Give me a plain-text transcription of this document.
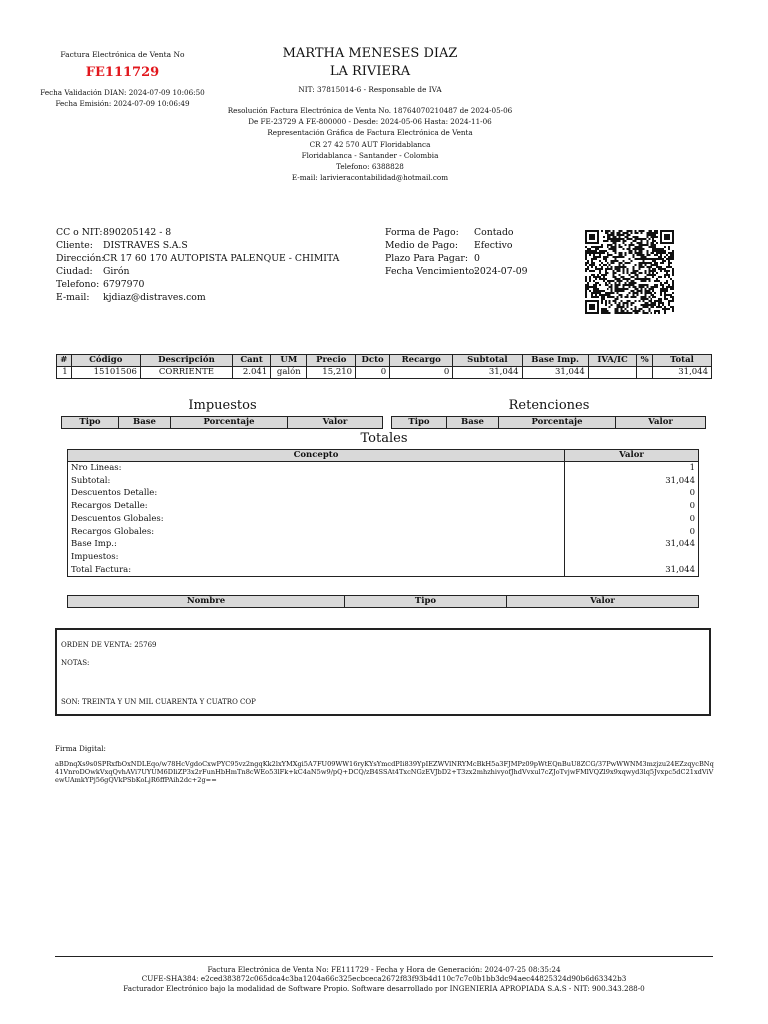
Factura Electrónica de Venta No
FE111729
Fecha Validación DIAN: 2024-07-09 10:06:50
Fecha Emisión: 2024-07-09 10:06:49
MARTHA MENESES DIAZ
LA RIVIERA
NIT: 37815014-6 - Responsable de IVA
Resolución Factura Electrónica de Venta No. 18764070210487 de 2024-05-06
De FE-23729 A FE-800000 - Desde: 2024-05-06 Hasta: 2024-11-06
Representación Gráfica de Factura Electrónica de Venta
CR 27 42 570 AUT Floridablanca
Floridablanca - Santander - Colombia
Telefono: 6388828
E-mail: larivieracontabilidad@hotmail.com
CC o NIT:890205142 - 8
Cliente: DISTRAVES S.A.S
Dirección:CR 17 60 170 AUTOPISTA PALENQUE - CHIMITA
Ciudad: Girón
Telefono: 6797970
E-mail: kjdiaz@distraves.com
Forma de Pago: Contado
Medio de Pago: Efectivo
Plazo Para Pagar: 0
Fecha Vencimiento:2024-07-09
#	Código	Descripción	Cant	UM	Precio	Dcto	Recargo	Subtotal	Base Imp.	IVA/IC	%	Total
1	15101506	CORRIENTE	2.041	galón	15,210	0	0	31,044	31,044			31,044
Impuestos	Retenciones
Tipo	Base	Porcentaje	Valor	Tipo	Base	Porcentaje	Valor
Totales
Concepto	Valor
Nro Lineas:	1
Subtotal:	31,044
Descuentos Detalle:	0
Recargos Detalle:	0
Descuentos Globales:	0
Recargos Globales:	0
Base Imp.:	31,044
Impuestos:	
Total Factura:	31,044
Nombre	Tipo	Valor
ORDEN DE VENTA: 25769
NOTAS:
SON: TREINTA Y UN MIL CUARENTA Y CUATRO COP
Firma Digital:
aBDnqXs9s0SPRxfbOxNDLEqo/w78HcVgdoCxwPYC95vz2ngqKk2lxYMXgi5A7FU09WW16ryKYsYmcdPIi839YpIEZWVlNRYMcBkH5a3FJMPz09pWtEQnBuU8ZCG/37PwWWNM3mzjzu24EZzqycBNq41VnroDOwkVxqQvhAVi7UYUM6DIiZP3x2rFunHbHmTn8cWEo53lFk+kC4aN5w9/pQ+DCQ/zB4SSAt4TxcNGzEVJbD2+T3zx2mhzhivyofJhdVvxul7cZJoTvjwFMlVQZl9x9xqwyd3lq5Jvxpc5dC21xdViVewUAmkYPj56gQVkPSbKoLjR6ffPAih2dc+2g==
Factura Electrónica de Venta No: FE111729 - Fecha y Hora de Generación: 2024-07-25 08:35:24
CUFE-SHA384: e2ced383872c065dca4c3ba1204a66c325ecbceca2672f83f93b4d110c7c7c0b1bb3dc94aec44825324d90b6d63342b3
Facturador Electrónico bajo la modalidad de Software Propio. Software desarrollado por INGENIERIA APROPIADA S.A.S - NIT: 900.343.288-0
